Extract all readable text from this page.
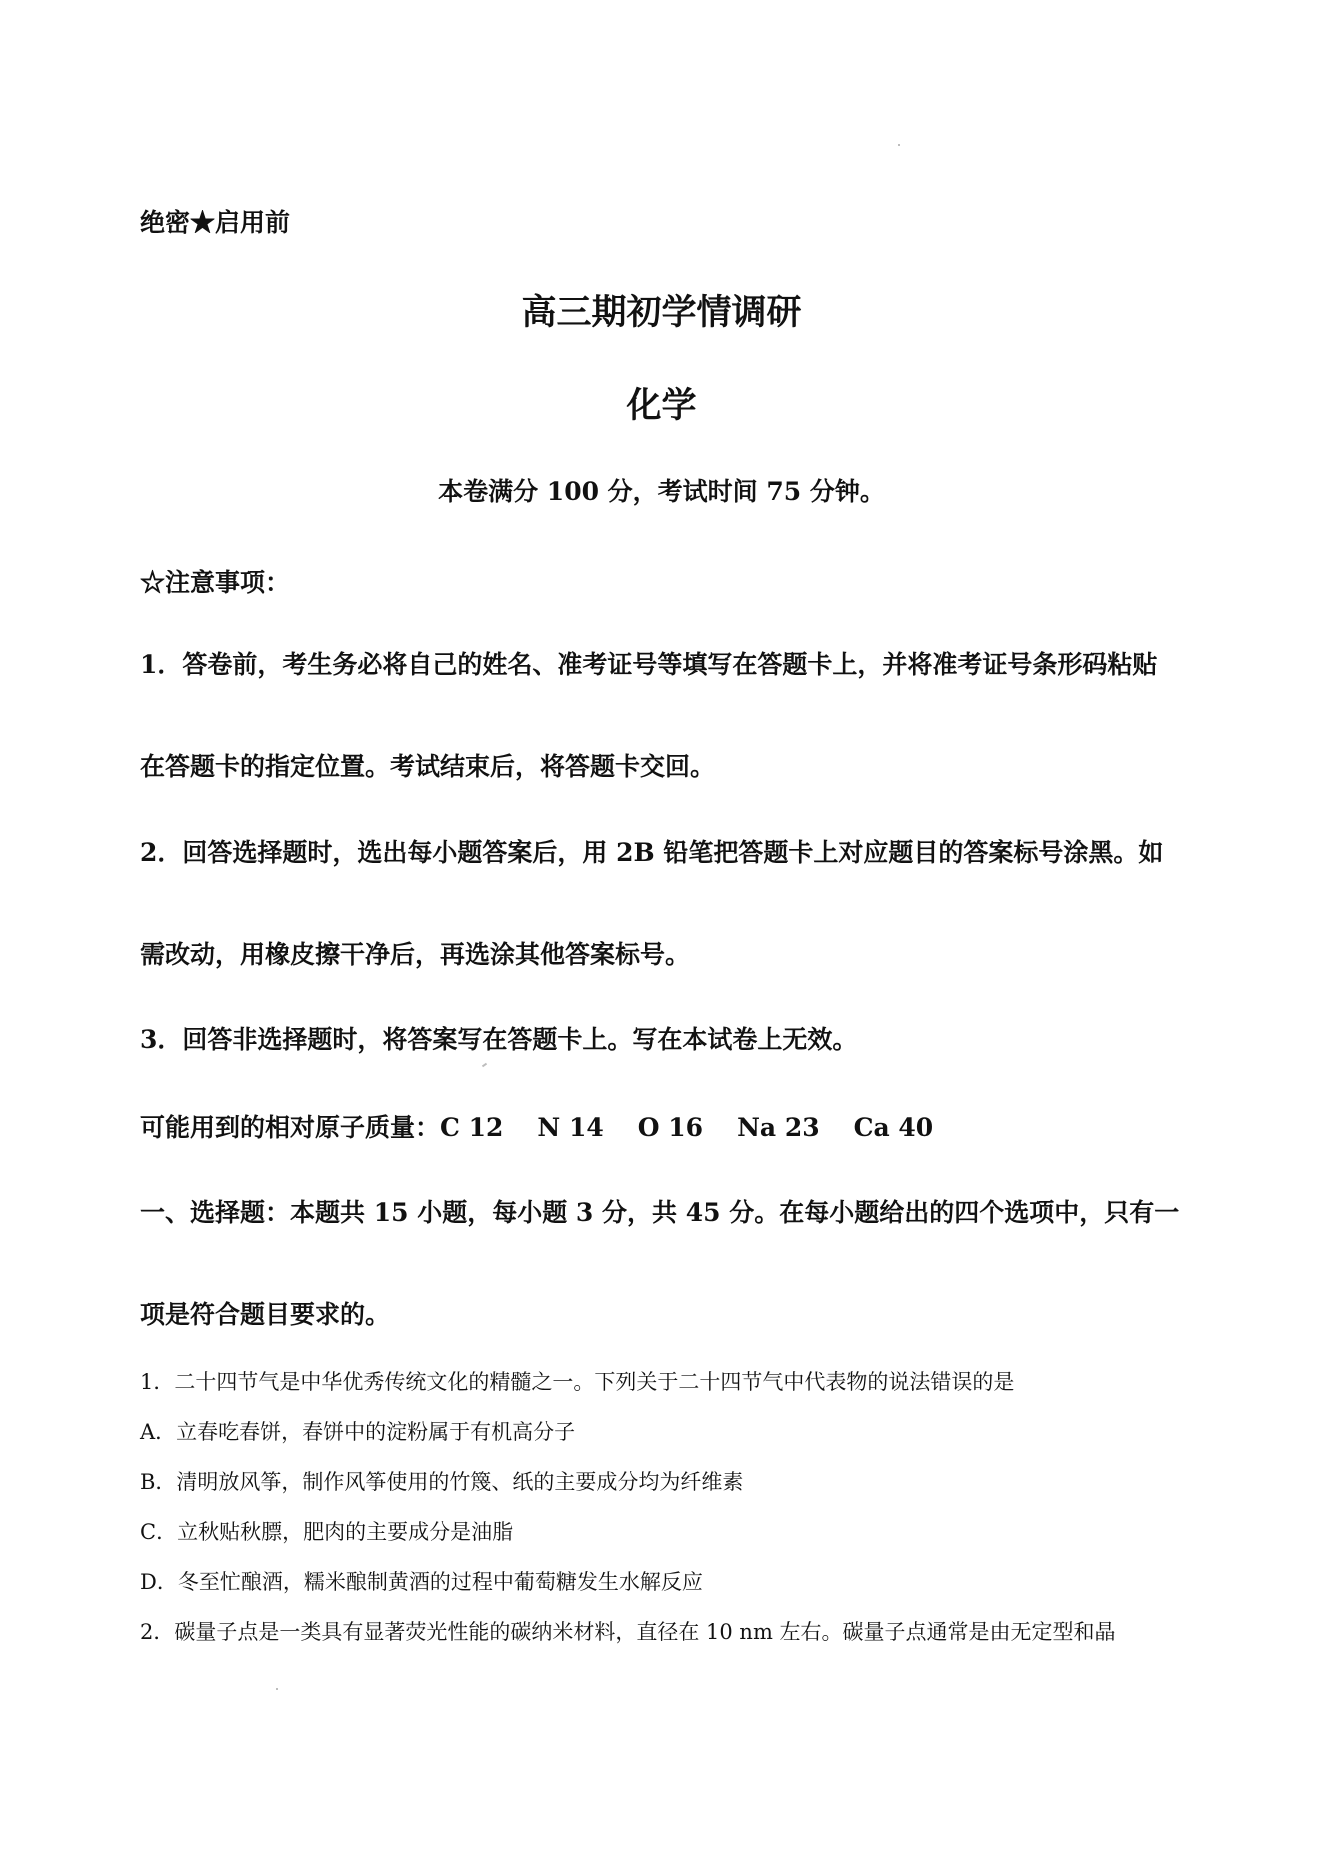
绝密★启用前
高三期初学情调研
化学
本卷满分 100 分，考试时间 75 分钟。
☆注意事项：
1．答卷前，考生务必将自己的姓名、准考证号等填写在答题卡上，并将准考证号条形码粘贴
在答题卡的指定位置。考试结束后，将答题卡交回。
2．回答选择题时，选出每小题答案后，用 2B 铅笔把答题卡上对应题目的答案标号涂黑。如
需改动，用橡皮擦干净后，再选涂其他答案标号。
3．回答非选择题时，将答案写在答题卡上。写在本试卷上无效。
可能用到的相对原子质量：C 12 N 14 O 16 Na 23 Ca 40
一、选择题：本题共 15 小题，每小题 3 分，共 45 分。在每小题给出的四个选项中，只有一
项是符合题目要求的。
1．二十四节气是中华优秀传统文化的精髓之一。下列关于二十四节气中代表物的说法错误的是
A．立春吃春饼，春饼中的淀粉属于有机高分子
B．清明放风筝，制作风筝使用的竹篾、纸的主要成分均为纤维素
C．立秋贴秋膘，肥肉的主要成分是油脂
D．冬至忙酿酒，糯米酿制黄酒的过程中葡萄糖发生水解反应
2．碳量子点是一类具有显著荧光性能的碳纳米材料，直径在 10 nm 左右。碳量子点通常是由无定型和晶
